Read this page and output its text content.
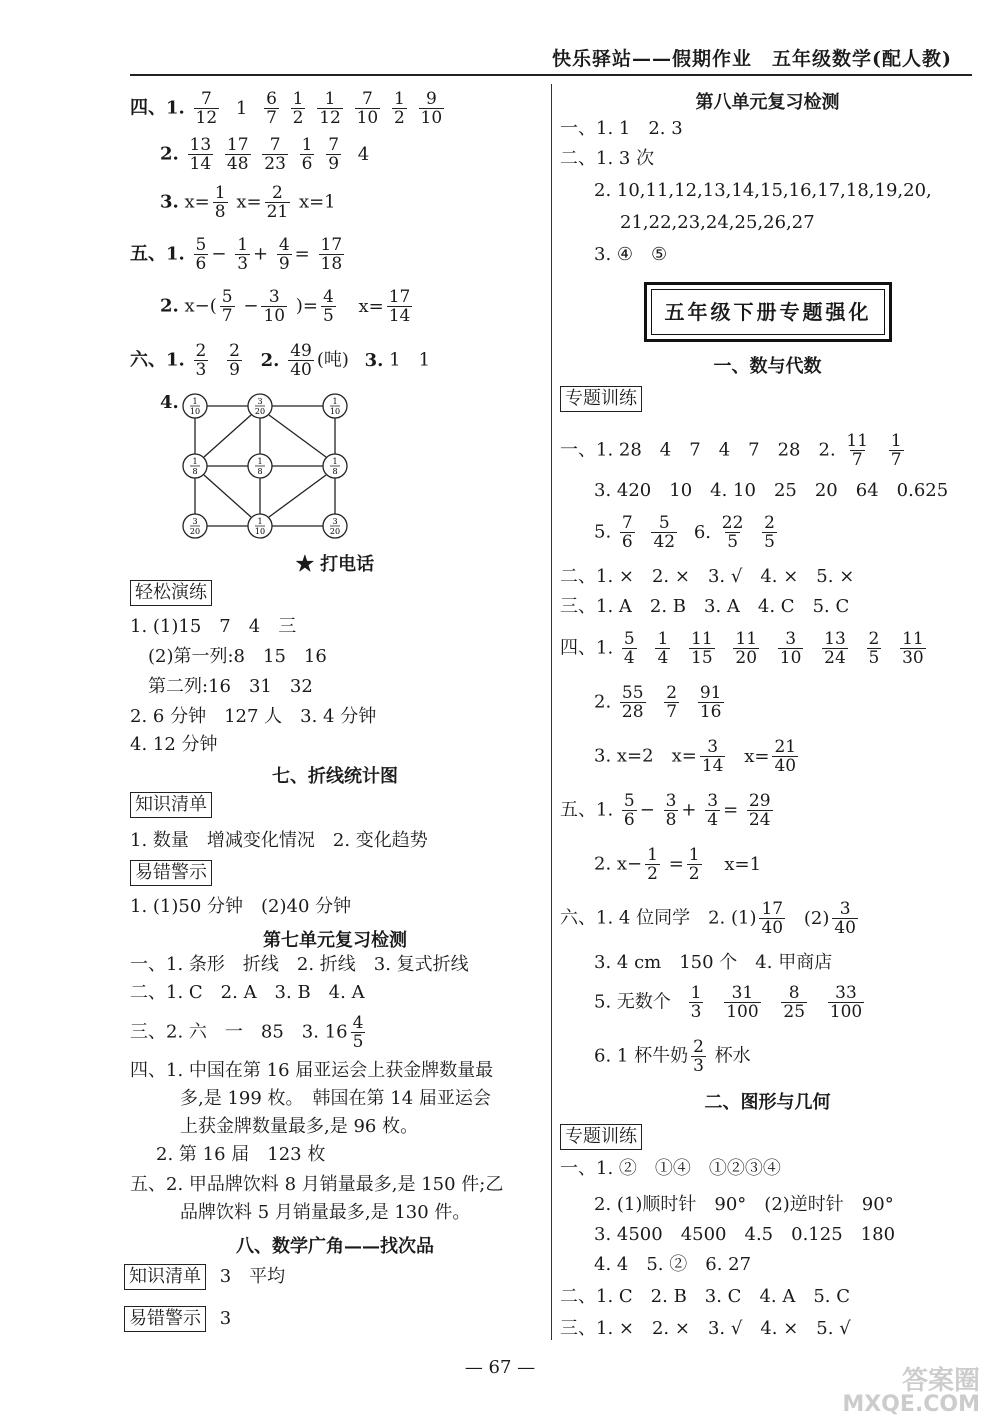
快乐驿站——假期作业　五年级数学(配人教)
四、1. $\frac{7}{12} 1 \frac{6}{7}$
$\frac{1}{2}$
$\frac{1}{12}$
$\frac{7}{10}$
$\frac{1}{2}$
$\frac{9}{10}$
2. $\frac{13}{14}$
$\frac{17}{48}$
$\frac{7}{23}$
$\frac{1}{6}$
$\frac{7}{9} 4$
3. $x= \frac{1}{8} x= \frac{2}{21} x=1$
五、1. $\frac{5}{6} - \frac{1}{3} + \frac{4}{9} = \frac{17}{18}$
2. $x-( \frac{5}{7} - \frac{3}{10}$ )= $\frac{4}{5} x= \frac{17}{14}$
六、1. $\frac{2}{3}$
$\frac{2}{9} 2$. $\frac{49}{40}$ (吨) 3. 1　1
4. 1
10
3
20
1
10
1
8
1
8
1
8
3
20
1
10
3
20
★ 打电话
轻松演练
1. (1)15　7　4　三
(2)第一列:8　15　16
第二列:16　31　32
2. 6 分钟　127 人　3. 4 分钟
4. 12 分钟
七、折线统计图
知识清单
1. 数量　增减变化情况　2. 变化趋势
易错警示
1. (1)50 分钟　(2)40 分钟
第七单元复习检测
一、1. 条形　折线　2. 折线　3. 复式折线
二、1. C　2. A　3. B　4. A
三、2. 六　一　85　3. $16 \frac{4}{5}$
四、1. 中国在第 16 届亚运会上获金牌数量最
多,是 199 枚。　韩国在第 14 届亚运会
上获金牌数量最多,是 96 枚。
2. 第 16 届　123 枚
五、2. 甲品牌饮料 8 月销量最多,是 150 件;乙
品牌饮料 5 月销量最多,是 130 件。
八、数学广角——找次品
知识清单 3　平均
易错警示 3
第八单元复习检测
一、1. 1　2. 3
二、1. 3 次
2. 10,11,12,13,14,15,16,17,18,19,20,
21,22,23,24,25,26,27
3. ④　⑤
五年级下册专题强化
一、数与代数
专题训练
一、1. 28　4　7　4　7　28　2. $\frac{11}{7}$
$\frac{1}{7}$
3. 420　10　4. 10　25　20　64　0.625
5. $\frac{7}{6}$
$\frac{5}{42} 6$. $\frac{22}{5}$
$\frac{2}{5}$
二、1. ×　2. ×　3. √　4. ×　5. ×
三、1. A　2. B　3. A　4. C　5. C
四、1. $\frac{5}{4}$
$\frac{1}{4}$
$\frac{11}{15}$
$\frac{11}{20}$
$\frac{3}{10}$
$\frac{13}{24}$
$\frac{2}{5}$
$\frac{11}{30}$
2. $\frac{55}{28}$
$\frac{2}{7}$
$\frac{91}{16}$
3. x=2　$x= \frac{3}{14} x= \frac{21}{40}$
五、1. $\frac{5}{6} - \frac{3}{8} + \frac{3}{4} = \frac{29}{24}$
2. $x- \frac{1}{2} = \frac{1}{2} x=1$
六、1. 4 位同学　2. $(1) \frac{17}{40} (2) \frac{3}{40}$
3. 4 cm　150 个　4. 甲商店
5. 无数个 $\frac{1}{3}$
$\frac{31}{100}$
$\frac{8}{25}$
$\frac{33}{100}$
6. 1 杯牛奶 $\frac{2}{3}$ 杯水
二、图形与几何
专题训练
一、1. ②　①④　①②③④
2. (1)顺时针　90°　(2)逆时针　90°
3. 4500　4500　4.5　0.125　180
4. 4　5. ②　6. 27
二、1. C　2. B　3. C　4. A　5. C
三、1. ×　2. ×　3. √　4. ×　5. √
— 67 —	答案圈
MXQE.COM
